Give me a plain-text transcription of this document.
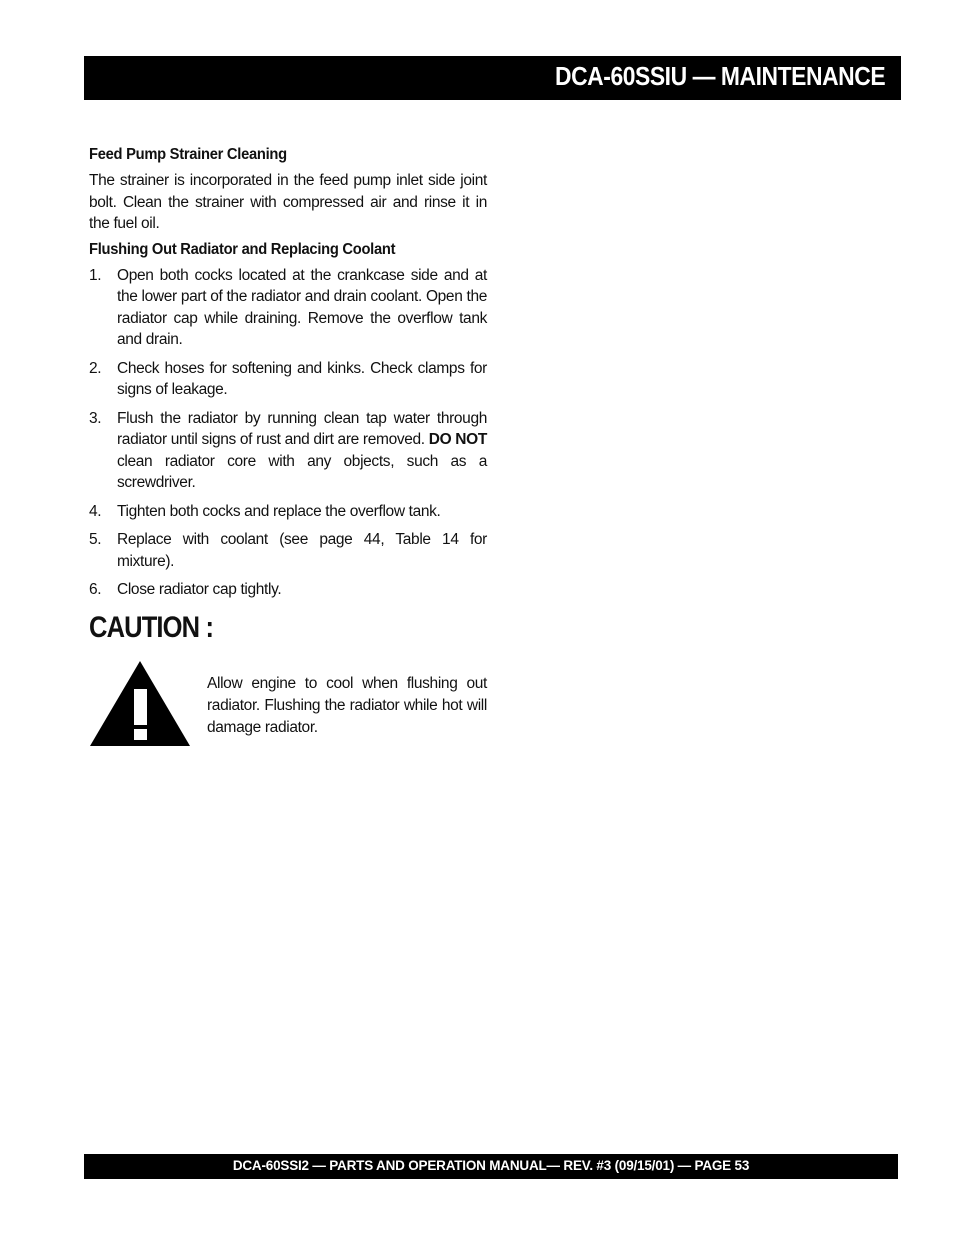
DCA-60SSIU — MAINTENANCE
Feed Pump Strainer Cleaning

The strainer is incorporated in the feed pump inlet side joint bolt. Clean the strainer with compressed air and rinse it in the fuel oil.

Flushing Out Radiator and Replacing Coolant
1. Open both cocks located at the crankcase side and at the lower part of the radiator and drain coolant. Open the radiator cap while draining. Remove the overflow tank and drain.
2. Check hoses for softening and kinks. Check clamps for signs of leakage.
3. Flush the radiator by running clean tap water through radiator until signs of rust and dirt are removed. DO NOT clean radiator core with any objects, such as a screwdriver.
4. Tighten both cocks and replace the overflow tank.
5. Replace with coolant (see page 44, Table 14 for mixture).
6. Close radiator cap tightly.
CAUTION :
Allow engine to cool when flushing out radiator. Flushing the radiator while hot will damage radiator.
DCA-60SSI2 — PARTS AND OPERATION MANUAL— REV. #3 (09/15/01) — PAGE 53
